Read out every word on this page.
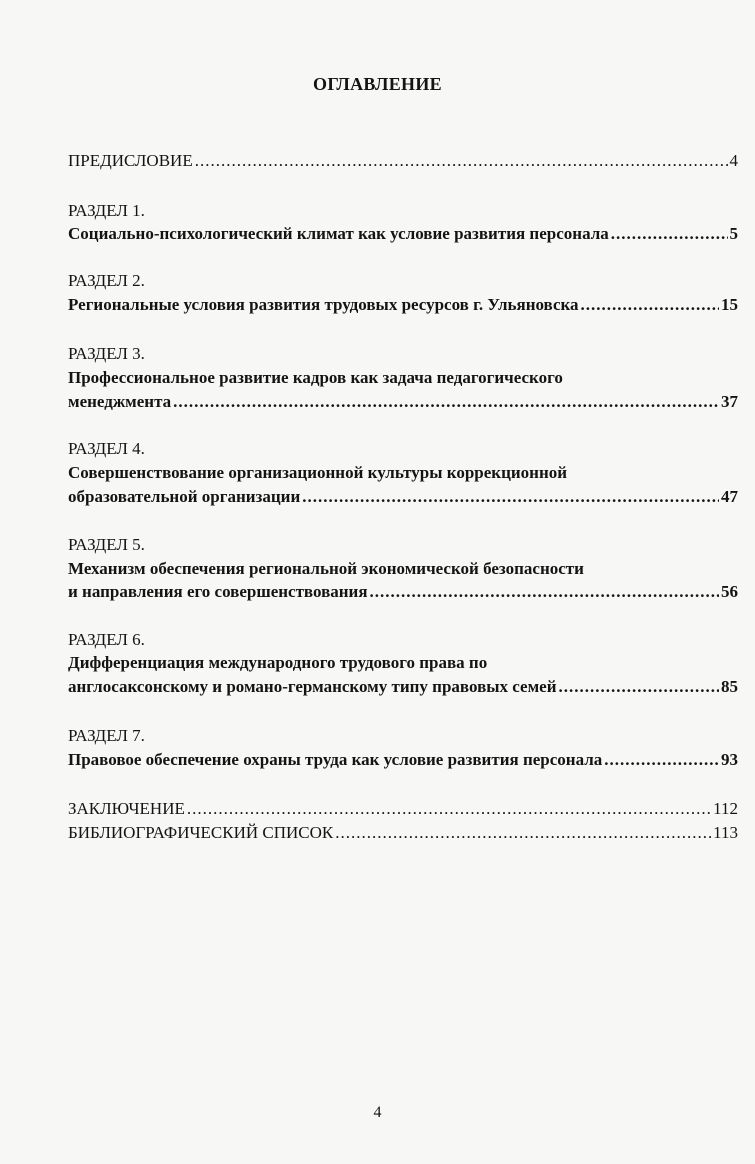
ОГЛАВЛЕНИЕ
ПРЕДИСЛОВИЕ .....	4
РАЗДЕЛ 1.
Социально-психологический климат как условие развития персонала .....	5
РАЗДЕЛ 2.
Региональные условия развития трудовых ресурсов г. Ульяновска .....	15
РАЗДЕЛ 3.
Профессиональное развитие кадров как задача педагогического
менеджмента .....	37
РАЗДЕЛ 4.
Совершенствование организационной культуры коррекционной
образовательной организации .....	47
РАЗДЕЛ 5.
Механизм обеспечения региональной экономической безопасности
и направления его совершенствования .....	56
РАЗДЕЛ 6.
Дифференциация международного трудового права по
англосаксонскому и романо-германскому типу правовых семей .....	85
РАЗДЕЛ 7.
Правовое обеспечение охраны труда как условие развития персонала .....	93
ЗАКЛЮЧЕНИЕ .....	112
БИБЛИОГРАФИЧЕСКИЙ СПИСОК .....	113
4
